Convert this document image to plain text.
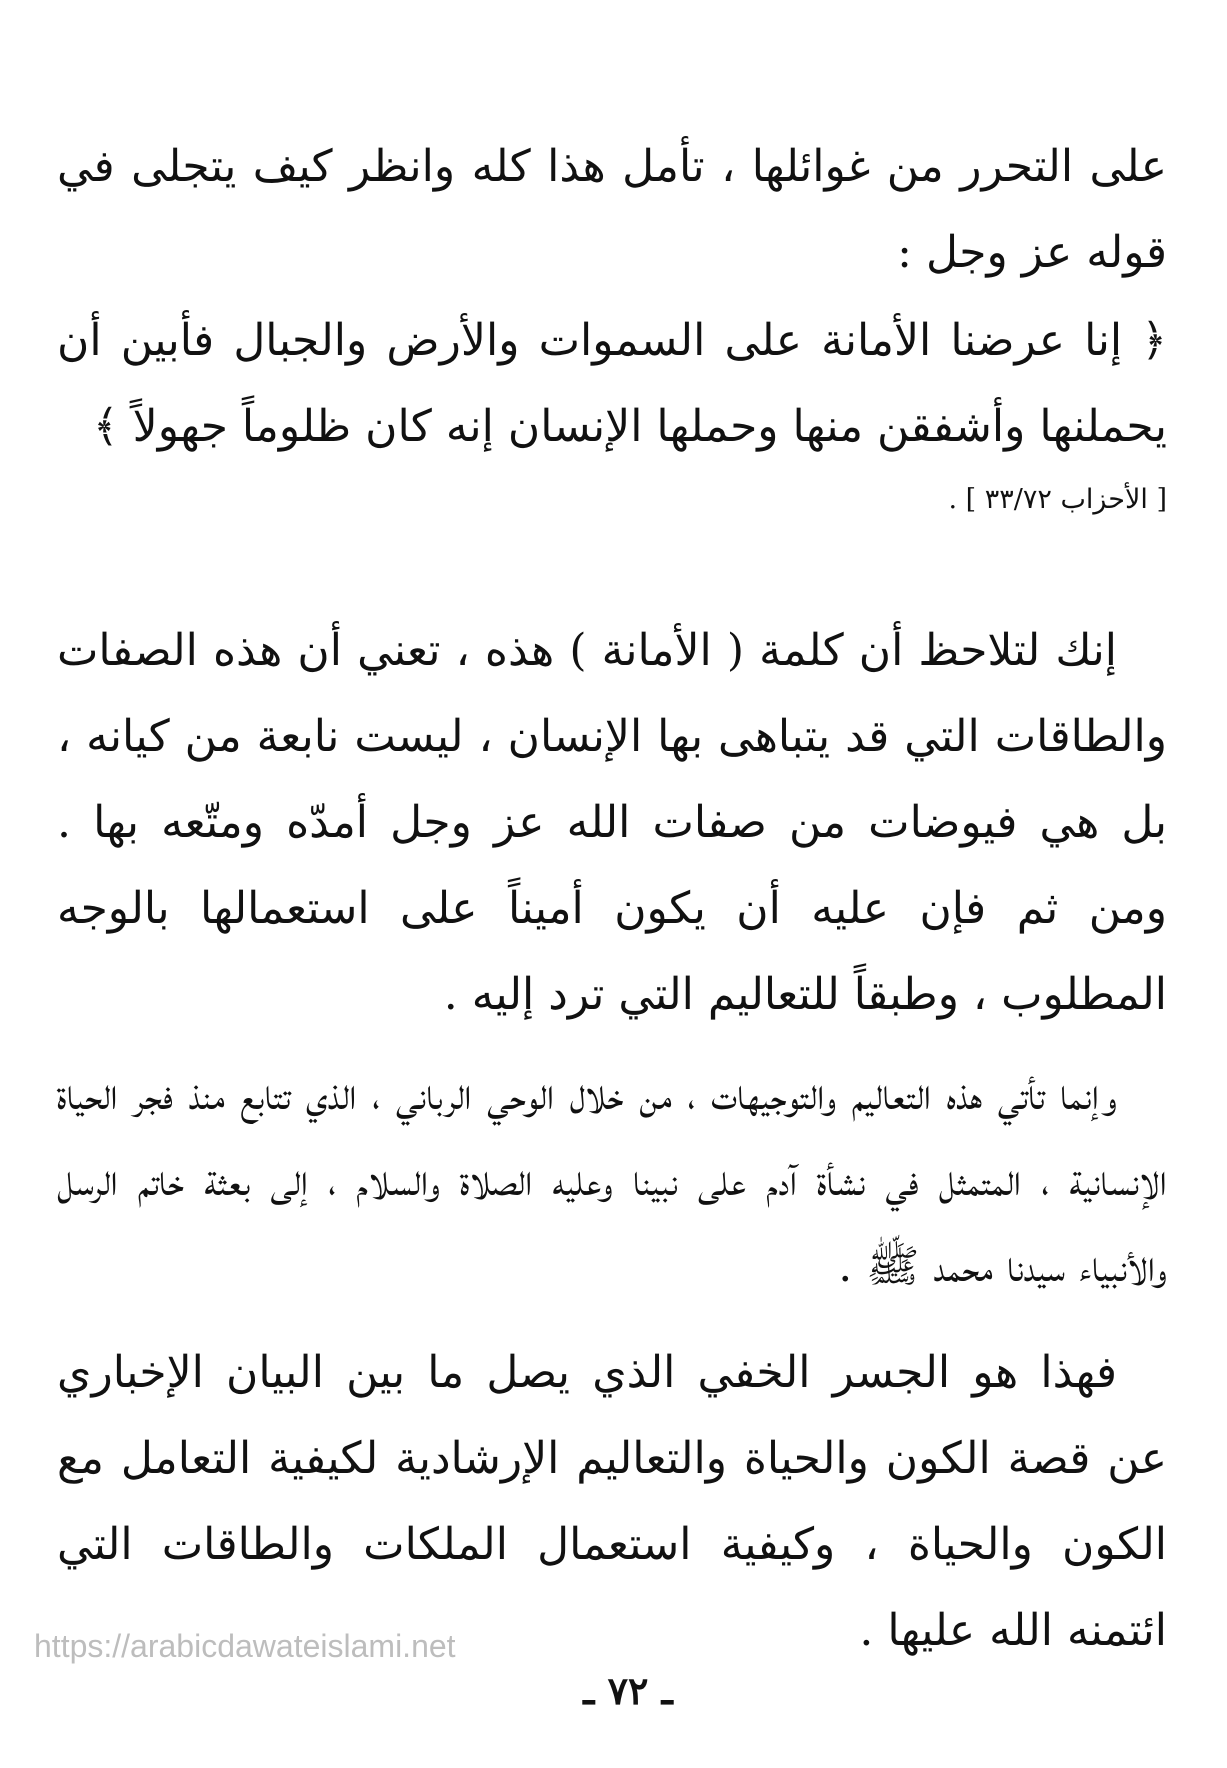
على التحرر من غوائلها ، تأمل هذا كله وانظر كيف يتجلى في قوله عز وجل :

﴿ إنا عرضنا الأمانة على السموات والأرض والجبال فأبين أن يحملنها وأشفقن منها وحملها الإنسان إنه كان ظلوماً جهولاً ﴾

[ الأحزاب ٣٣/٧٢ ] .

إنك لتلاحظ أن كلمة ( الأمانة ) هذه ، تعني أن هذه الصفات والطاقات التي قد يتباهى بها الإنسان ، ليست نابعة من كيانه ، بل هي فيوضات من صفات الله عز وجل أمدّه ومتّعه بها . ومن ثم فإن عليه أن يكون أميناً على استعمالها بالوجه المطلوب ، وطبقاً للتعاليم التي ترد إليه .

وإنما تأتي هذه التعاليم والتوجيهات ، من خلال الوحي الرباني ، الذي تتابع منذ فجر الحياة الإنسانية ، المتمثل في نشأة آدم على نبينا وعليه الصلاة والسلام ، إلى بعثة خاتم الرسل والأنبياء سيدنا محمد ﷺ .

فهذا هو الجسر الخفي الذي يصل ما بين البيان الإخباري عن قصة الكون والحياة والتعاليم الإرشادية لكيفية التعامل مع الكون والحياة ، وكيفية استعمال الملكات والطاقات التي ائتمنه الله عليها .

https://arabicdawateislami.net
ـ ٧٢ ـ
